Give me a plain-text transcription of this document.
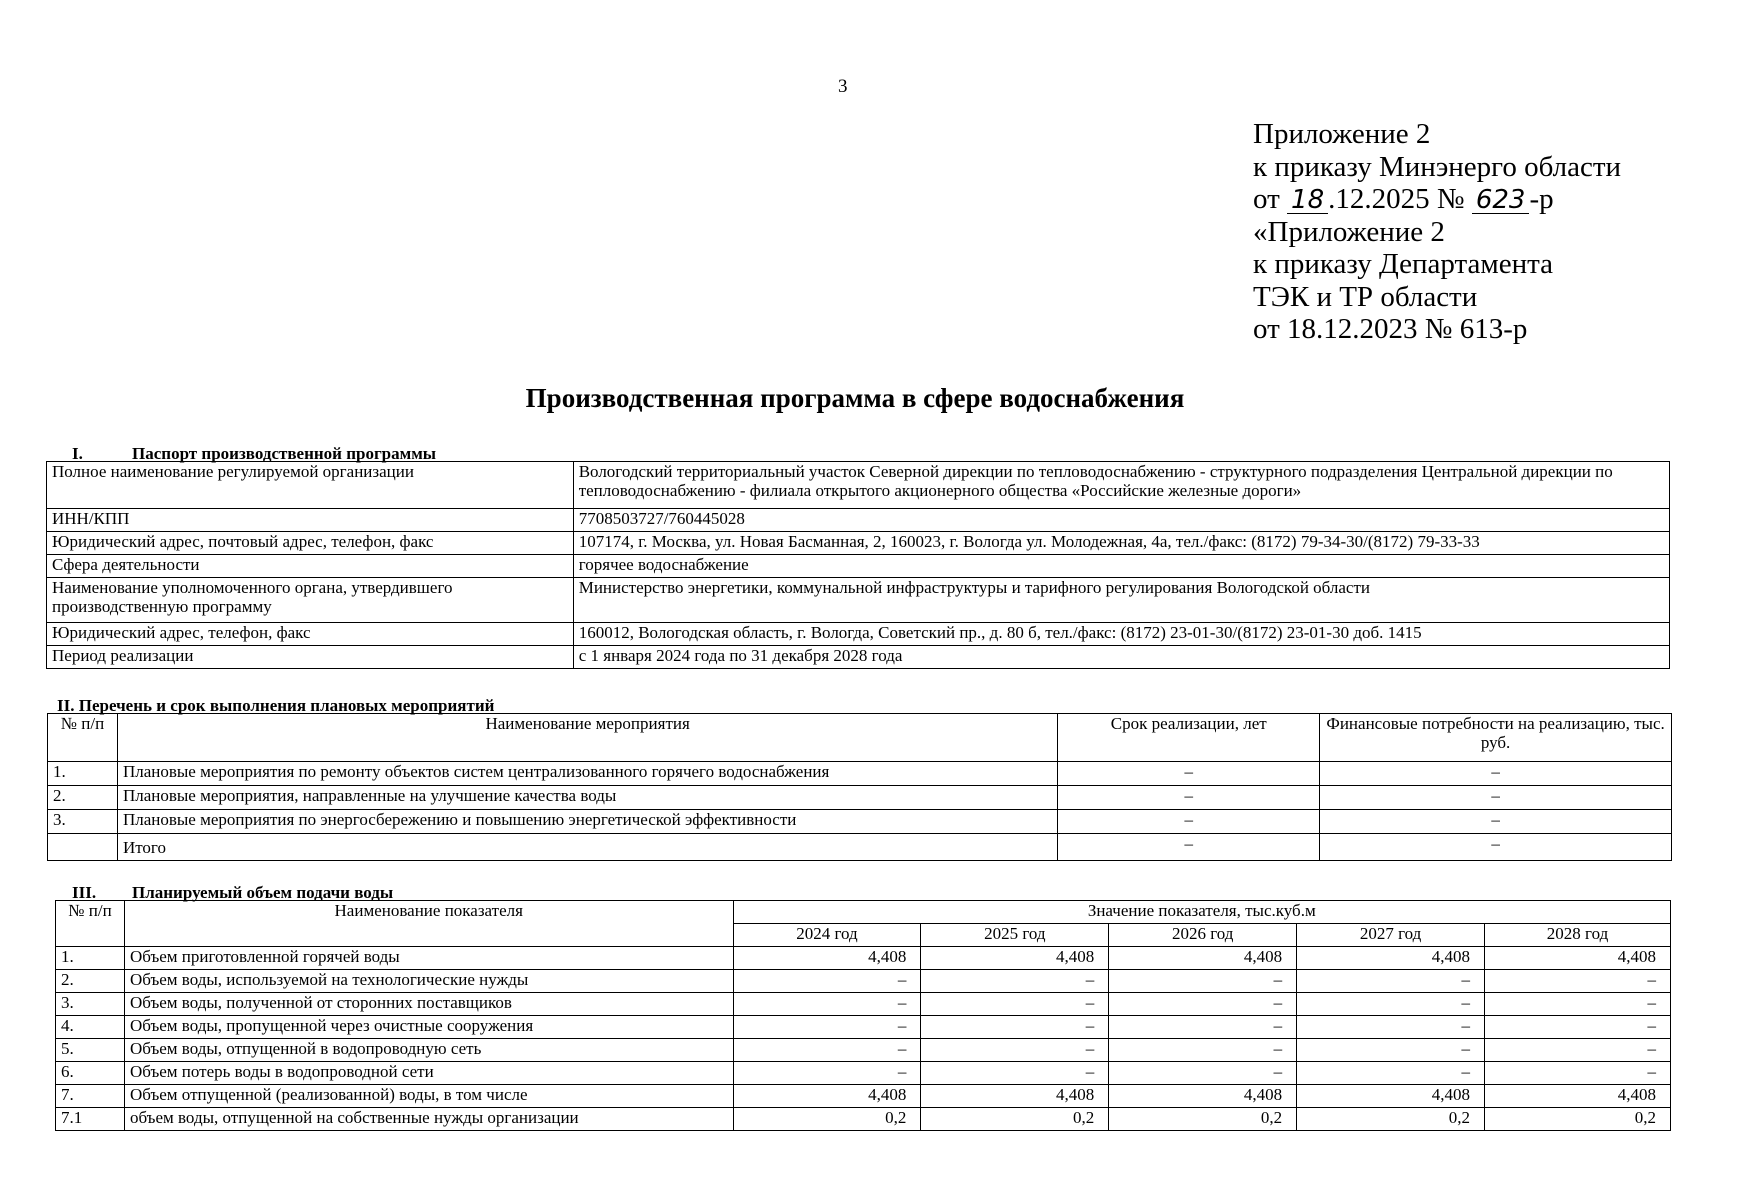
3
Приложение 2
к приказу Минэнерго области
от 18 .12.2025 № 623 -р
«Приложение 2
к приказу Департамента
ТЭК и ТР области
от 18.12.2023 № 613-р
Производственная программа в сфере водоснабжения
I.	Паспорт производственной программы
Полное наименование регулируемой организации	Вологодский территориальный участок Северной дирекции по тепловодоснабжению - структурного подразделения Центральной дирекции по тепловодоснабжению - филиала открытого акционерного общества «Российские железные дороги»
ИНН/КПП	7708503727/760445028
Юридический адрес, почтовый адрес, телефон, факс	107174, г. Москва, ул. Новая Басманная, 2, 160023, г. Вологда ул. Молодежная, 4а, тел./факс: (8172) 79-34-30/(8172) 79-33-33
Сфера деятельности	горячее водоснабжение
Наименование уполномоченного органа, утвердившего производственную программу	Министерство энергетики, коммунальной инфраструктуры и тарифного регулирования Вологодской области
Юридический адрес, телефон, факс	160012, Вологодская область, г. Вологда, Советский пр., д. 80 б, тел./факс: (8172) 23-01-30/(8172) 23-01-30 доб. 1415
Период реализации	с 1 января 2024 года по 31 декабря 2028 года
II. Перечень и срок выполнения плановых мероприятий
№ п/п	Наименование мероприятия	Срок реализации, лет	Финансовые потребности на реализацию, тыс. руб.
1.	Плановые мероприятия по ремонту объектов систем централизованного горячего водоснабжения	–	–
2.	Плановые мероприятия, направленные на улучшение качества воды	–	–
3.	Плановые мероприятия по энергосбережению и повышению энергетической эффективности	–	–
	Итого	–	–
III. Планируемый объем подачи воды
№ п/п	Наименование показателя	Значение показателя, тыс.куб.м				
		2024 год	2025 год	2026 год	2027 год	2028 год
1.	Объем приготовленной горячей воды	4,408	4,408	4,408	4,408	4,408
2.	Объем воды, используемой на технологические нужды	–	–	–	–	–
3.	Объем воды, полученной от сторонних поставщиков	–	–	–	–	–
4.	Объем воды, пропущенной через очистные сооружения	–	–	–	–	–
5.	Объем воды, отпущенной в водопроводную сеть	–	–	–	–	–
6.	Объем потерь воды в водопроводной сети	–	–	–	–	–
7.	Объем отпущенной (реализованной) воды, в том числе	4,408	4,408	4,408	4,408	4,408
7.1	объем воды, отпущенной на собственные нужды организации	0,2	0,2	0,2	0,2	0,2
